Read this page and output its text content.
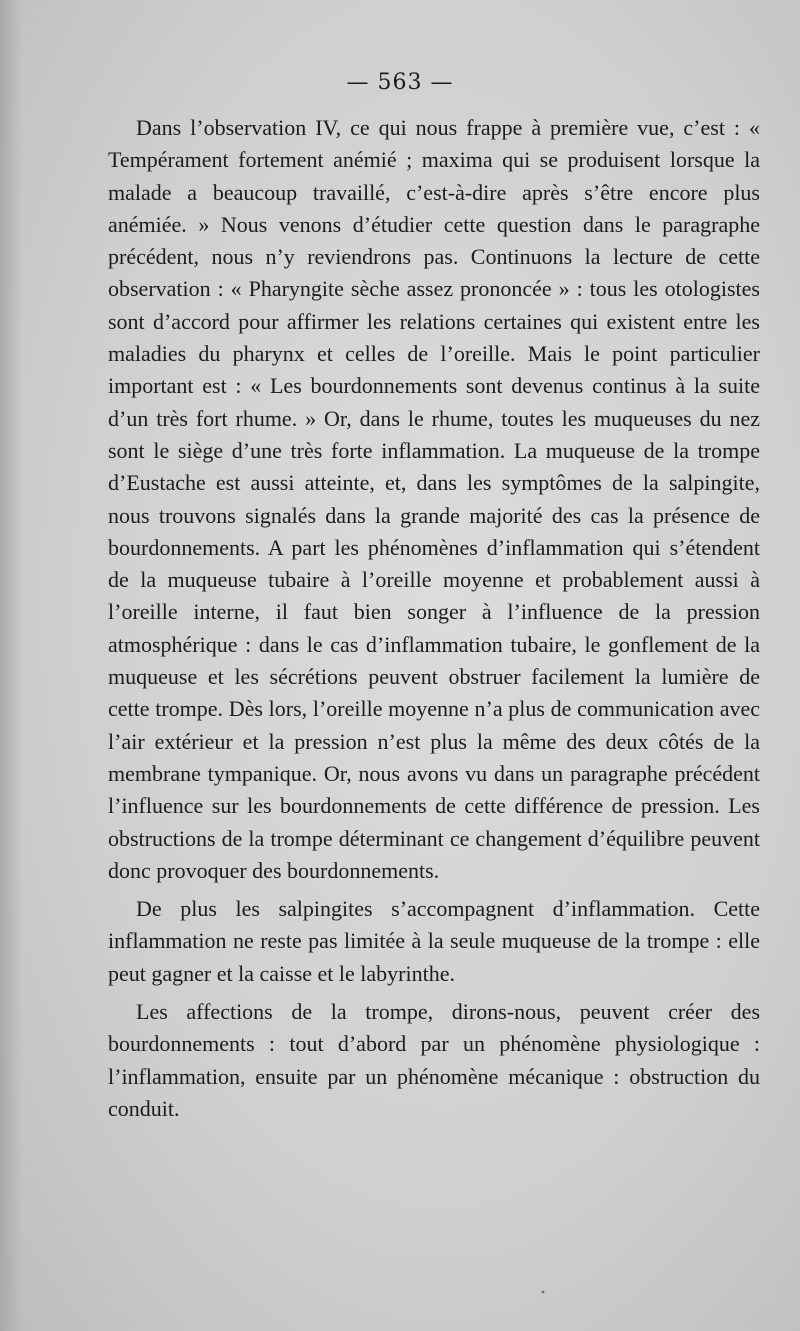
— 563 —

Dans l’observation IV, ce qui nous frappe à première vue, c’est : « Tempérament fortement anémié ; maxima qui se produisent lorsque la malade a beaucoup travaillé, c’est-à-dire après s’être encore plus anémiée. » Nous venons d’étudier cette question dans le paragraphe précédent, nous n’y reviendrons pas. Continuons la lecture de cette observation : « Pharyngite sèche assez prononcée » : tous les otologistes sont d’accord pour affirmer les relations certaines qui existent entre les maladies du pharynx et celles de l’oreille. Mais le point particulier important est : « Les bourdonnements sont devenus continus à la suite d’un très fort rhume. » Or, dans le rhume, toutes les muqueuses du nez sont le siège d’une très forte inflammation. La muqueuse de la trompe d’Eustache est aussi atteinte, et, dans les symptômes de la salpingite, nous trouvons signalés dans la grande majorité des cas la présence de bourdonnements. A part les phénomènes d’inflammation qui s’étendent de la muqueuse tubaire à l’oreille moyenne et probablement aussi à l’oreille interne, il faut bien songer à l’influence de la pression atmosphérique : dans le cas d’inflammation tubaire, le gonflement de la muqueuse et les sécrétions peuvent obstruer facilement la lumière de cette trompe. Dès lors, l’oreille moyenne n’a plus de communication avec l’air extérieur et la pression n’est plus la même des deux côtés de la membrane tympanique. Or, nous avons vu dans un paragraphe précédent l’influence sur les bourdonnements de cette différence de pression. Les obstructions de la trompe déterminant ce changement d’équilibre peuvent donc provoquer des bourdonnements.

De plus les salpingites s’accompagnent d’inflammation. Cette inflammation ne reste pas limitée à la seule muqueuse de la trompe : elle peut gagner et la caisse et le labyrinthe.

Les affections de la trompe, dirons-nous, peuvent créer des bourdonnements : tout d’abord par un phénomène physiologique : l’inflammation, ensuite par un phénomène mécanique : obstruction du conduit.

•
